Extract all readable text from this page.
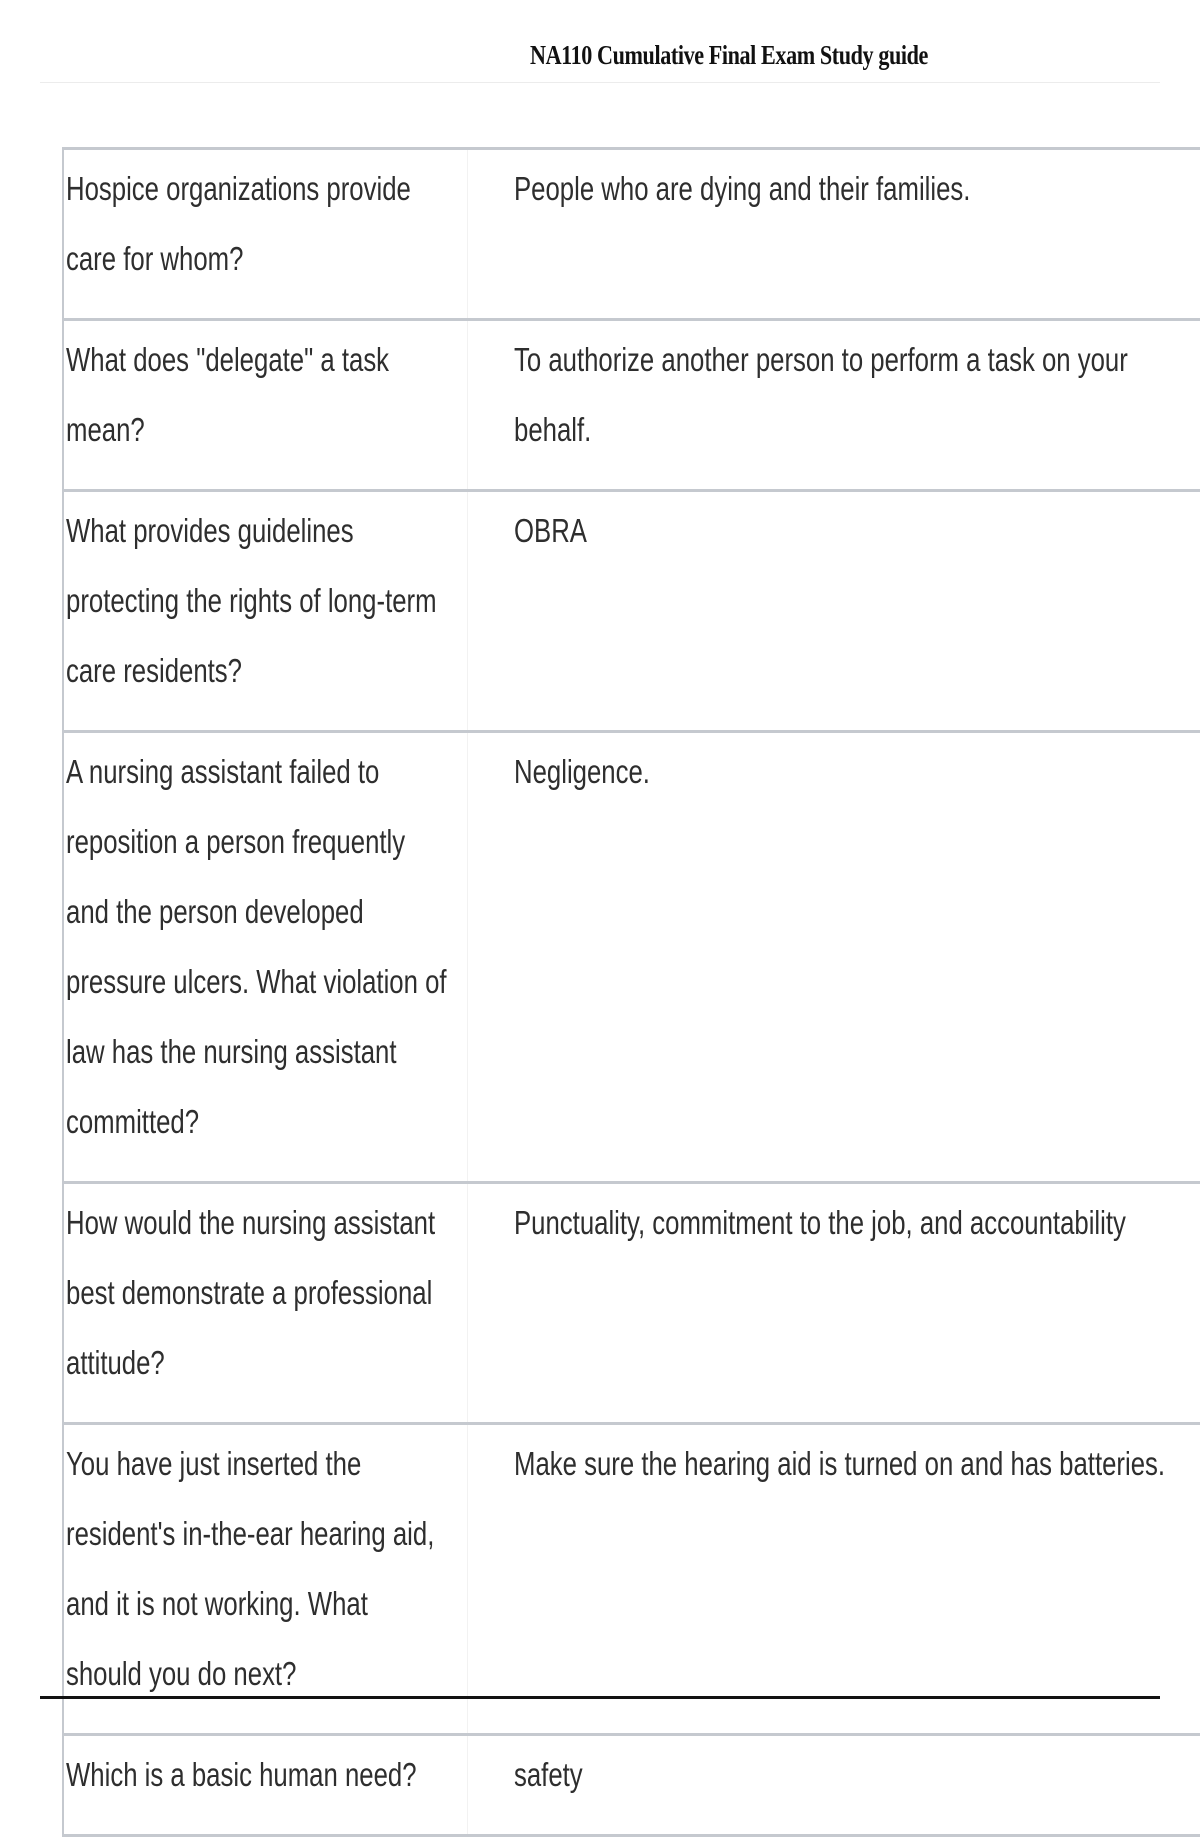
NA110 Cumulative Final Exam Study guide
Hospice organizations provide care for whom?	People who are dying and their families.
What does "delegate" a task mean?	To authorize another person to perform a task on your behalf.
What provides guidelines protecting the rights of long-term care residents?	OBRA
A nursing assistant failed to reposition a person frequently and the person developed pressure ulcers. What violation of law has the nursing assistant committed?	Negligence.
How would the nursing assistant best demonstrate a professional attitude?	Punctuality, commitment to the job, and accountability
You have just inserted the resident's in-the-ear hearing aid, and it is not working. What should you do next?	Make sure the hearing aid is turned on and has batteries.
Which is a basic human need?	safety
